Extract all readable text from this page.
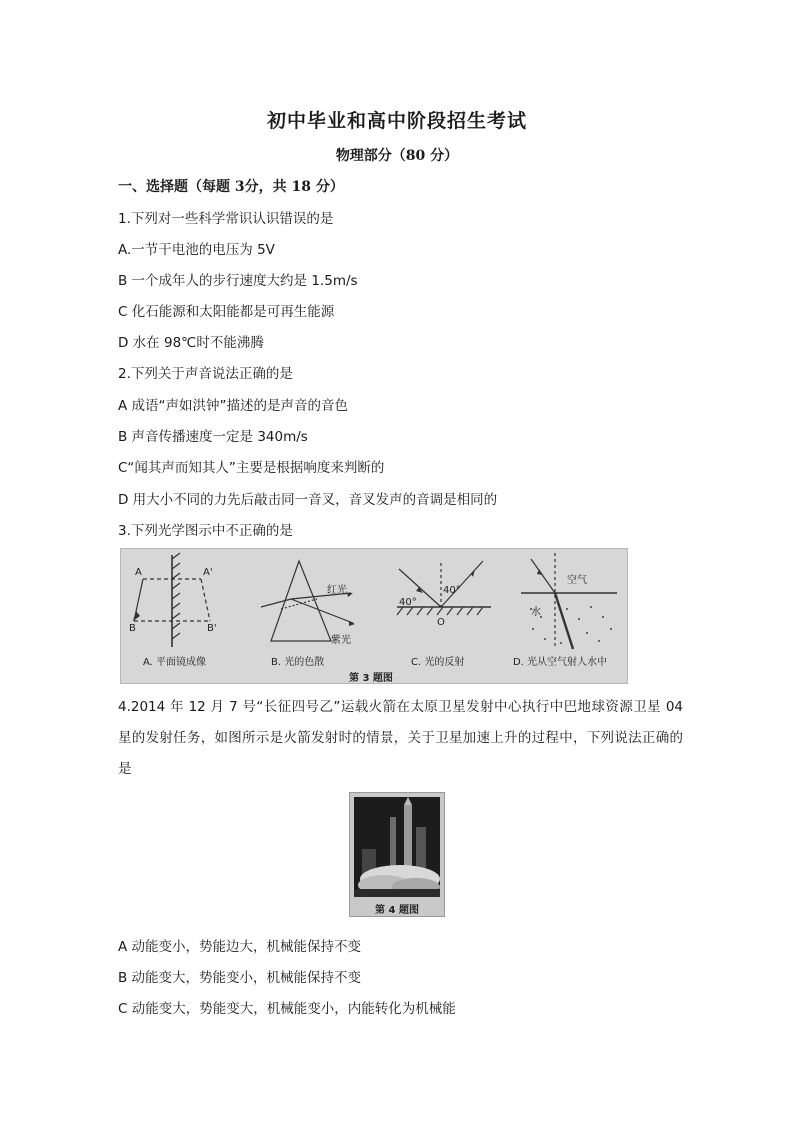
初中毕业和高中阶段招生考试
物理部分（80 分）
一、选择题（每题 3分，共 18 分）
1.下列对一些科学常识认识错误的是
A.一节干电池的电压为 5V
B 一个成年人的步行速度大约是 1.5m/s
C 化石能源和太阳能都是可再生能源
D 水在 98℃时不能沸腾
2.下列关于声音说法正确的是
A 成语“声如洪钟”描述的是声音的音色
B 声音传播速度一定是 340m/s
C“闻其声而知其人”主要是根据响度来判断的
D 用大小不同的力先后敲击同一音叉，音叉发声的音调是相同的
3.下列光学图示中不正确的是
A	A'
B	B'
红光
紫光
40°
40°
O
空气
水
A. 平面镜成像	B. 光的色散	C. 光的反射	D. 光从空气射人水中
第 3 题图
4.2014 年 12 月 7 号“长征四号乙”运载火箭在太原卫星发射中心执行中巴地球资源卫星 04 星的发射任务，如图所示是火箭发射时的情景，关于卫星加速上升的过程中，下列说法正确的是
第 4 题图
A 动能变小，势能边大，机械能保持不变
B 动能变大，势能变小，机械能保持不变
C 动能变大，势能变大，机械能变小，内能转化为机械能
